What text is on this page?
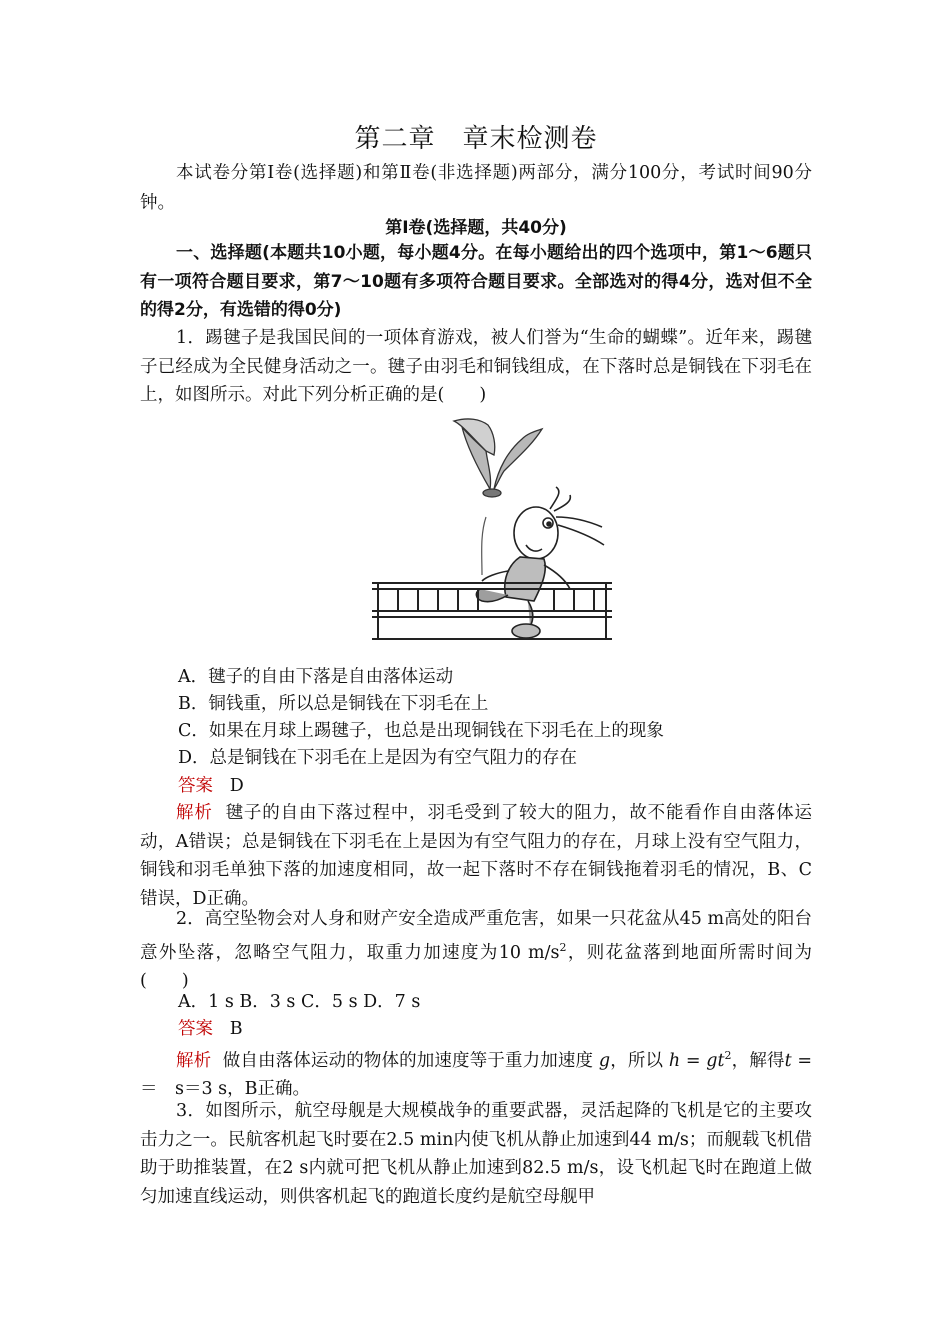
第二章　章末检测卷
本试卷分第Ⅰ卷(选择题)和第Ⅱ卷(非选择题)两部分，满分100分，考试时间90分钟。
第Ⅰ卷(选择题，共40分)
一、选择题(本题共10小题，每小题4分。在每小题给出的四个选项中，第1～6题只有一项符合题目要求，第7～10题有多项符合题目要求。全部选对的得4分，选对但不全的得2分，有选错的得0分)
1．踢毽子是我国民间的一项体育游戏，被人们誉为“生命的蝴蝶”。近年来，踢毽子已经成为全民健身活动之一。毽子由羽毛和铜钱组成，在下落时总是铜钱在下羽毛在上，如图所示。对此下列分析正确的是(　　)
A．毽子的自由下落是自由落体运动
B．铜钱重，所以总是铜钱在下羽毛在上
C．如果在月球上踢毽子，也总是出现铜钱在下羽毛在上的现象
D．总是铜钱在下羽毛在上是因为有空气阻力的存在
答案 D
解析 毽子的自由下落过程中，羽毛受到了较大的阻力，故不能看作自由落体运动，A错误；总是铜钱在下羽毛在上是因为有空气阻力的存在，月球上没有空气阻力，铜钱和羽毛单独下落的加速度相同，故一起下落时不存在铜钱拖着羽毛的情况，B、C错误，D正确。
2．高空坠物会对人身和财产安全造成严重危害，如果一只花盆从45 m高处的阳台意外坠落，忽略空气阻力，取重力加速度为10 $m/s^2$，则花盆落到地面所需时间为(　　)
A．1 s B．3 s C．5 s D．7 s
答案 B
解析 做自由落体运动的物体的加速度等于重力加速度 g，所以 $h = gt^2$，解得t = ＝　s＝3 s，B正确。
3．如图所示，航空母舰是大规模战争的重要武器，灵活起降的飞机是它的主要攻击力之一。民航客机起飞时要在2.5 min内使飞机从静止加速到44 m/s；而舰载飞机借助于助推装置，在2 s内就可把飞机从静止加速到82.5 m/s，设飞机起飞时在跑道上做匀加速直线运动，则供客机起飞的跑道长度约是航空母舰甲
